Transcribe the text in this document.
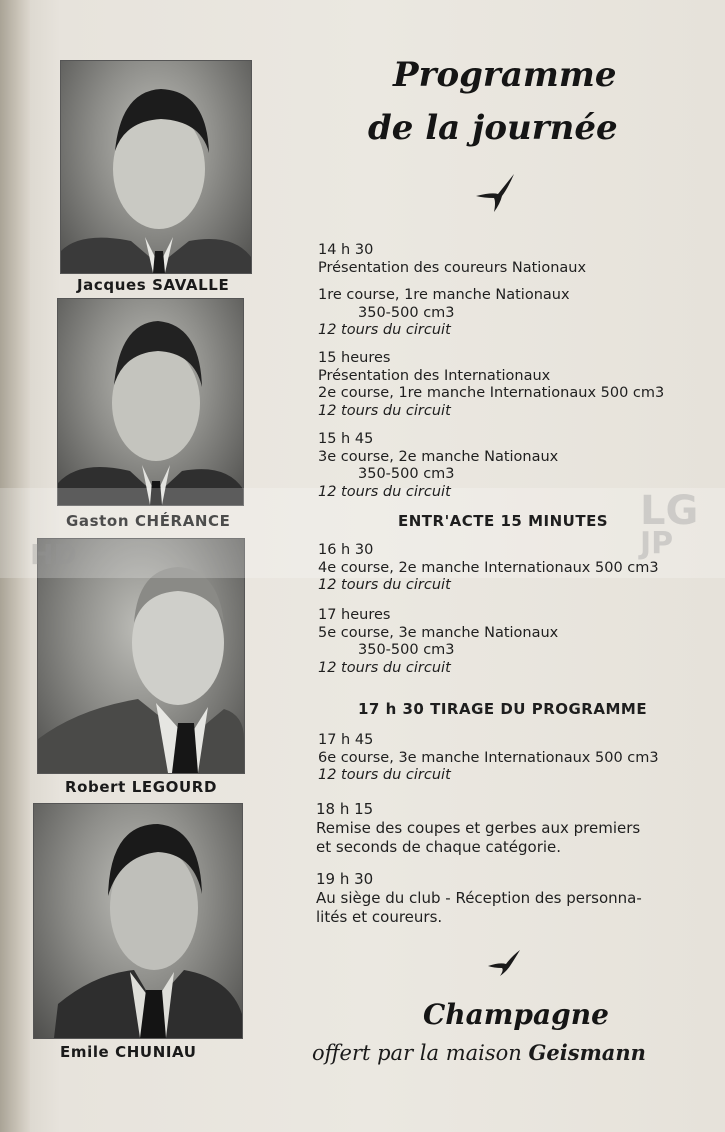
Programme
de la journée
Jacques SAVALLE
Gaston CHÉRANCE
Robert LEGOURD
Emile CHUNIAU
LG
JP
HD
14 h 30
Présentation des coureurs Nationaux
1re course, 1re manche Nationaux
350-500 cm3
12 tours du circuit
15 heures
Présentation des Internationaux
2e course, 1re manche Internationaux 500 cm3
12 tours du circuit
15 h 45
3e course, 2e manche Nationaux
350-500 cm3
12 tours du circuit
ENTR'ACTE 15 MINUTES
16 h 30
4e course, 2e manche Internationaux 500 cm3
12 tours du circuit
17 heures
5e course, 3e manche Nationaux
350-500 cm3
12 tours du circuit
17 h 30 TIRAGE DU PROGRAMME
17 h 45
6e course, 3e manche Internationaux 500 cm3
12 tours du circuit
18 h 15
Remise des coupes et gerbes aux premiers
et seconds de chaque catégorie.
19 h 30
Au siège du club - Réception des personna-
lités et coureurs.
Champagne
offert par la maison Geismann
